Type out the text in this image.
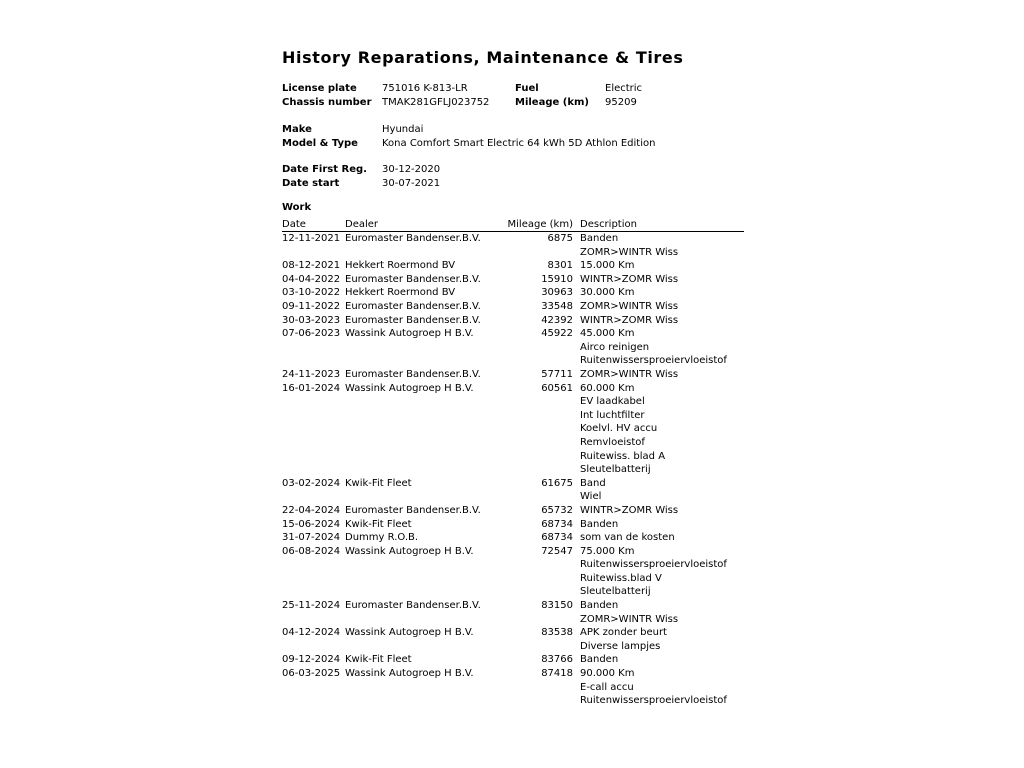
History Reparations, Maintenance & Tires
License plate	751016 K-813-LR	Fuel	Electric
Chassis number TMAK281GFLJ023752	Mileage (km) 95209
Make	Hyundai
Model & Type Kona Comfort Smart Electric 64 kWh 5D Athlon Edition
Date First Reg. 30-12-2020
Date start	30-07-2021
Work
Date	Dealer	Mileage (km) Description
12-11-2021 Euromaster Bandenser.B.V.	6875 Banden
ZOMR>WINTR Wiss
08-12-2021 Hekkert Roermond BV	8301 15.000 Km
04-04-2022 Euromaster Bandenser.B.V.	15910 WINTR>ZOMR Wiss
03-10-2022 Hekkert Roermond BV	30963 30.000 Km
09-11-2022 Euromaster Bandenser.B.V.	33548 ZOMR>WINTR Wiss
30-03-2023 Euromaster Bandenser.B.V.	42392 WINTR>ZOMR Wiss
07-06-2023 Wassink Autogroep H B.V.	45922 45.000 Km
Airco reinigen
Ruitenwissersproeiervloeistof
24-11-2023 Euromaster Bandenser.B.V.	57711 ZOMR>WINTR Wiss
16-01-2024 Wassink Autogroep H B.V.	60561 60.000 Km
EV laadkabel
Int luchtfilter
Koelvl. HV accu
Remvloeistof
Ruitewiss. blad A
Sleutelbatterij
03-02-2024 Kwik-Fit Fleet	61675 Band
Wiel
22-04-2024 Euromaster Bandenser.B.V.	65732 WINTR>ZOMR Wiss
15-06-2024 Kwik-Fit Fleet	68734 Banden
31-07-2024 Dummy R.O.B.	68734 som van de kosten
06-08-2024 Wassink Autogroep H B.V.	72547 75.000 Km
Ruitenwissersproeiervloeistof
Ruitewiss.blad V
Sleutelbatterij
25-11-2024 Euromaster Bandenser.B.V.	83150 Banden
ZOMR>WINTR Wiss
04-12-2024 Wassink Autogroep H B.V.	83538 APK zonder beurt
Diverse lampjes
09-12-2024 Kwik-Fit Fleet	83766 Banden
06-03-2025 Wassink Autogroep H B.V.	87418 90.000 Km
E-call accu
Ruitenwissersproeiervloeistof
